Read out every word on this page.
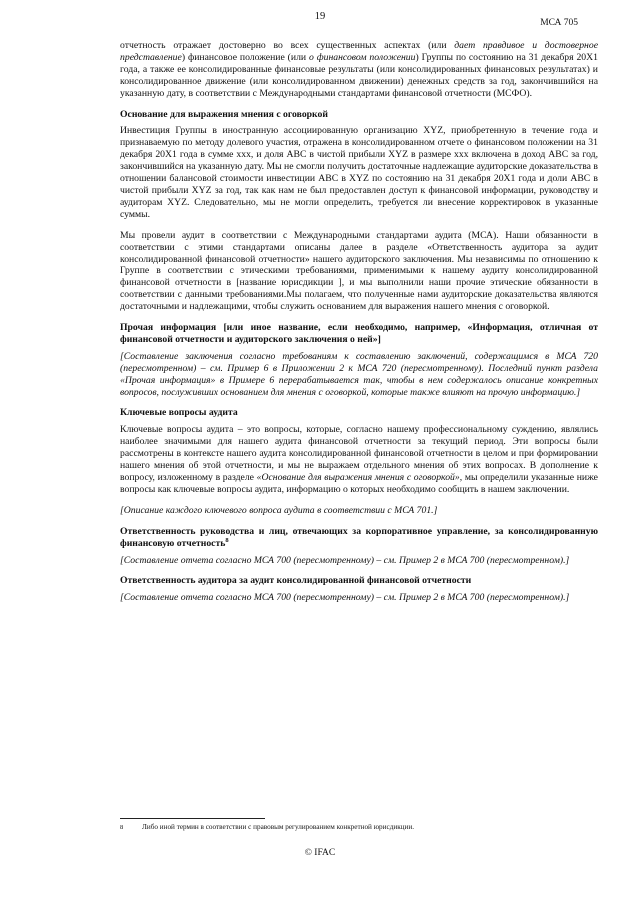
19
МСА 705

отчетность отражает достоверно во всех существенных аспектах (или дает правдивое и достоверное представление) финансовое положение (или о финансовом положении) Группы по состоянию на 31 декабря 20X1 года, а также ее консолидированные финансовые результаты (или консолидированных финансовых результатах) и консолидированное движение (или консолидированном движении) денежных средств за год, закончившийся на указанную дату, в соответствии с Международными стандартами финансовой отчетности (МСФО).

Основание для выражения мнения с оговоркой

Инвестиция Группы в иностранную ассоциированную организацию XYZ, приобретенную в течение года и признаваемую по методу долевого участия, отражена в консолидированном отчете о финансовом положении на 31 декабря 20X1 года в сумме xxx, и доля ABC в чистой прибыли XYZ в размере xxx включена в доход ABC за год, закончившийся на указанную дату. Мы не смогли получить достаточные надлежащие аудиторские доказательства в отношении балансовой стоимости инвестиции ABC в XYZ по состоянию на 31 декабря 20X1 года и доли ABC в чистой прибыли XYZ за год, так как нам не был предоставлен доступ к финансовой информации, руководству и аудиторам XYZ. Следовательно, мы не могли определить, требуется ли внесение корректировок в указанные суммы.

Мы провели аудит в соответствии с Международными стандартами аудита (МСА). Наши обязанности в соответствии с этими стандартами описаны далее в разделе «Ответственность аудитора за аудит консолидированной финансовой отчетности» нашего аудиторского заключения. Мы независимы по отношению к Группе в соответствии с этическими требованиями, применимыми к нашему аудиту консолидированной финансовой отчетности в [название юрисдикции ], и мы выполнили наши прочие этические обязанности в соответствии с данными требованиями.Мы полагаем, что полученные нами аудиторские доказательства являются достаточными и надлежащими, чтобы служить основанием для выражения нашего мнения с оговоркой.

Прочая информация [или иное название, если необходимо, например, «Информация, отличная от финансовой отчетности и аудиторского заключения о ней»]

[Составление заключения согласно требованиям к составлению заключений, содержащимся в МСА 720 (пересмотренном) – см. Пример 6 в Приложении 2 к МСА 720 (пересмотренному). Последний пункт раздела «Прочая информация» в Примере 6 перерабатывается так, чтобы в нем содержалось описание конкретных вопросов, послуживших основанием для мнения с оговоркой, которые также влияют на прочую информацию.]

Ключевые вопросы аудита

Ключевые вопросы аудита – это вопросы, которые, согласно нашему профессиональному суждению, являлись наиболее значимыми для нашего аудита финансовой отчетности за текущий период. Эти вопросы были рассмотрены в контексте нашего аудита консолидированной финансовой отчетности в целом и при формировании нашего мнения об этой отчетности, и мы не выражаем отдельного мнения об этих вопросах. В дополнение к вопросу, изложенному в разделе «Основание для выражения мнения с оговоркой», мы определили указанные ниже вопросы как ключевые вопросы аудита, информацию о которых необходимо сообщить в нашем заключении.

[Описание каждого ключевого вопроса аудита в соответствии с МСА 701.]

Ответственность руководства и лиц, отвечающих за корпоративное управление, за консолидированную финансовую отчетность$^8$

[Составление отчета согласно МСА 700 (пересмотренному) – см. Пример 2 в МСА 700 (пересмотренном).]

Ответственность аудитора за аудит консолидированной финансовой отчетности

[Составление отчета согласно МСА 700 (пересмотренному) – см. Пример 2 в МСА 700 (пересмотренном).]

8	Либо иной термин в соответствии с правовым регулированием конкретной юрисдикции.
© IFAC
